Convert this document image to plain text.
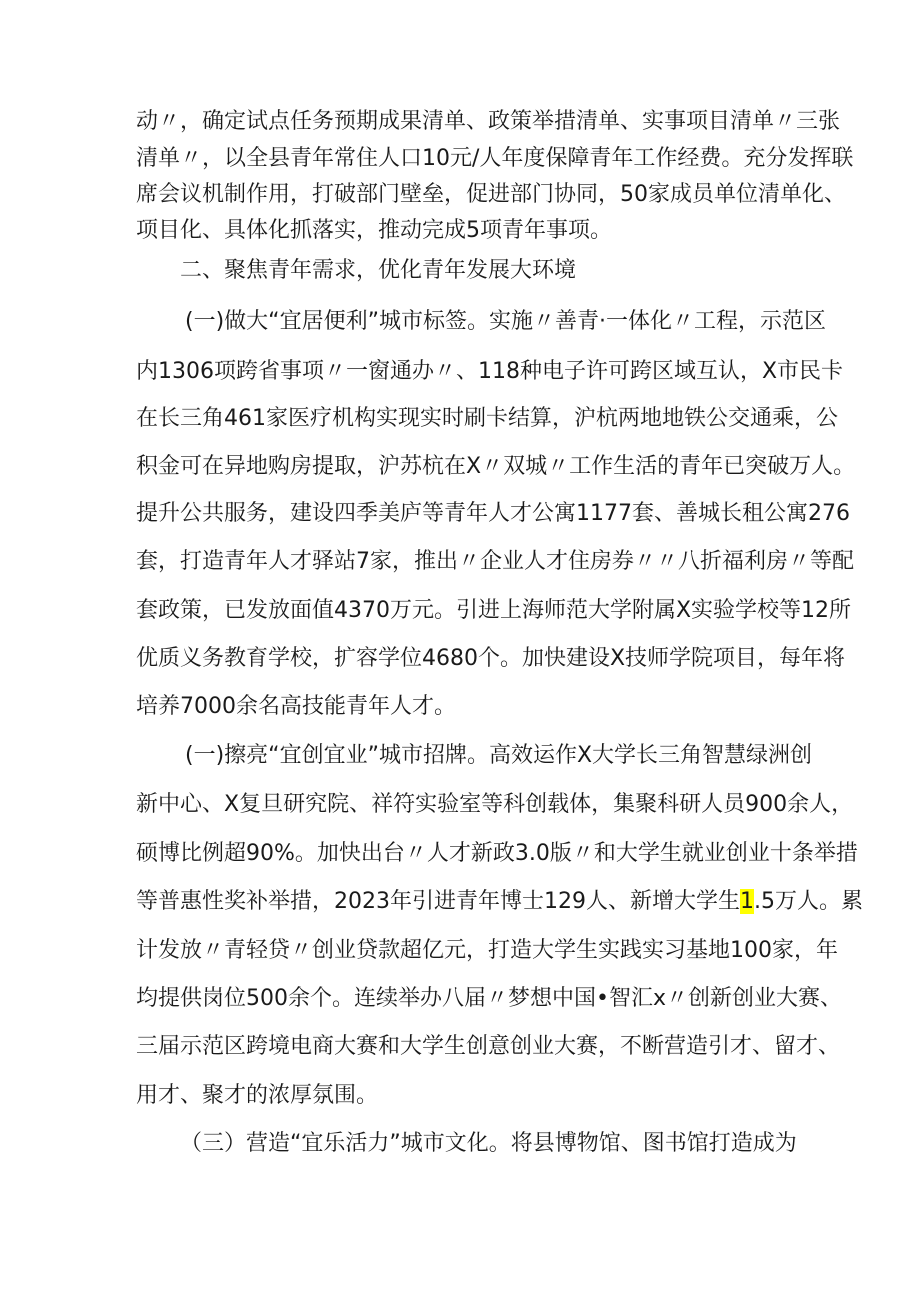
动〃，确定试点任务预期成果清单、政策举措清单、实事项目清单〃三张
清单〃，以全县青年常住人口10元/人年度保障青年工作经费。充分发挥联
席会议机制作用，打破部门壁垒，促进部门协同，50家成员单位清单化、
项目化、具体化抓落实，推动完成5项青年事项。
二、聚焦青年需求，优化青年发展大环境
(一)做大“宜居便利”城市标签。实施〃善青·一体化〃工程，示范区
内1306项跨省事项〃一窗通办〃、118种电子许可跨区域互认，X市民卡
在长三角461家医疗机构实现实时刷卡结算，沪杭两地地铁公交通乘，公
积金可在异地购房提取，沪苏杭在X〃双城〃工作生活的青年已突破万人。
提升公共服务，建设四季美庐等青年人才公寓1177套、善城长租公寓276
套，打造青年人才驿站7家，推出〃企业人才住房券〃〃八折福利房〃等配
套政策，已发放面值4370万元。引进上海师范大学附属X实验学校等12所
优质义务教育学校，扩容学位4680个。加快建设X技师学院项目，每年将
培养7000余名高技能青年人才。
(一)擦亮“宜创宜业”城市招牌。高效运作X大学长三角智慧绿洲创
新中心、X复旦研究院、祥符实验室等科创载体，集聚科研人员900余人，
硕博比例超90%。加快出台〃人才新政3.0版〃和大学生就业创业十条举措
等普惠性奖补举措，2023年引进青年博士129人、新增大学生1.5万人。累
计发放〃青轻贷〃创业贷款超亿元，打造大学生实践实习基地100家，年
均提供岗位500余个。连续举办八届〃梦想中国•智汇x〃创新创业大赛、
三届示范区跨境电商大赛和大学生创意创业大赛，不断营造引才、留才、
用才、聚才的浓厚氛围。
（三）营造“宜乐活力”城市文化。将县博物馆、图书馆打造成为
